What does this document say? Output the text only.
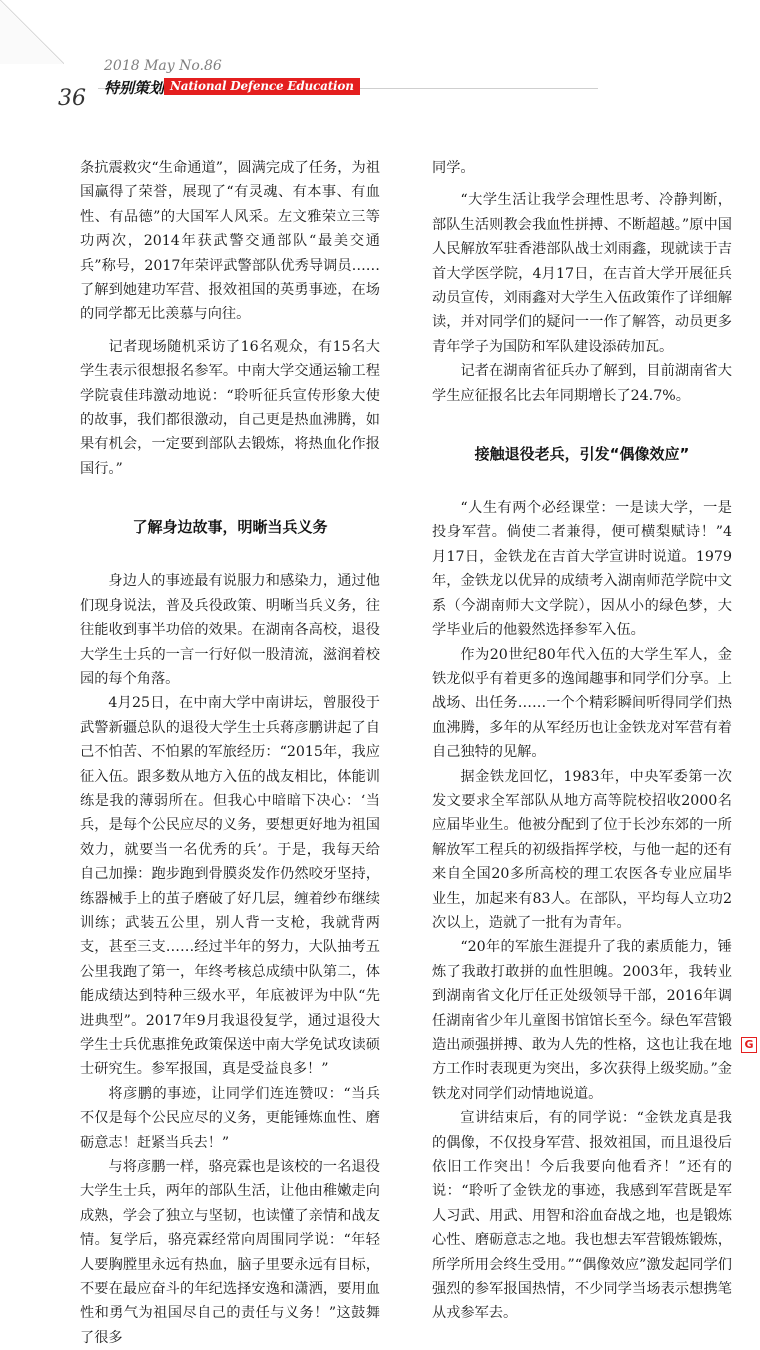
2018 May No.86
36 特别策划 National Defence Education

条抗震救灾“生命通道”，圆满完成了任务，为祖国赢得了荣誉，展现了“有灵魂、有本事、有血性、有品德”的大国军人风采。左文雅荣立三等功两次，2014年获武警交通部队“最美交通兵”称号，2017年荣评武警部队优秀导调员……了解到她建功军营、报效祖国的英勇事迹，在场的同学都无比羡慕与向往。

记者现场随机采访了16名观众，有15名大学生表示很想报名参军。中南大学交通运输工程学院袁佳玮激动地说：“聆听征兵宣传形象大使的故事，我们都很激动，自己更是热血沸腾，如果有机会，一定要到部队去锻炼，将热血化作报国行。”

了解身边故事，明晰当兵义务

身边人的事迹最有说服力和感染力，通过他们现身说法，普及兵役政策、明晰当兵义务，往往能收到事半功倍的效果。在湖南各高校，退役大学生士兵的一言一行好似一股清流，滋润着校园的每个角落。

4月25日，在中南大学中南讲坛，曾服役于武警新疆总队的退役大学生士兵蒋彦鹏讲起了自己不怕苦、不怕累的军旅经历：“2015年，我应征入伍。跟多数从地方入伍的战友相比，体能训练是我的薄弱所在。但我心中暗暗下决心：‘当兵，是每个公民应尽的义务，要想更好地为祖国效力，就要当一名优秀的兵’。于是，我每天给自己加操：跑步跑到骨膜炎发作仍然咬牙坚持，练器械手上的茧子磨破了好几层，缠着纱布继续训练；武装五公里，别人背一支枪，我就背两支，甚至三支……经过半年的努力，大队抽考五公里我跑了第一，年终考核总成绩中队第二，体能成绩达到特种三级水平，年底被评为中队“先进典型”。2017年9月我退役复学，通过退役大学生士兵优惠推免政策保送中南大学免试攻读硕士研究生。参军报国，真是受益良多！”

将彦鹏的事迹，让同学们连连赞叹：“当兵不仅是每个公民应尽的义务，更能锤炼血性、磨砺意志！赶紧当兵去！”

与将彦鹏一样，骆亮霖也是该校的一名退役大学生士兵，两年的部队生活，让他由稚嫩走向成熟，学会了独立与坚韧，也读懂了亲情和战友情。复学后，骆亮霖经常向周围同学说：“年轻人要胸膛里永远有热血，脑子里要永远有目标，不要在最应奋斗的年纪选择安逸和潇洒，要用血性和勇气为祖国尽自己的责任与义务！”这鼓舞了很多

同学。

“大学生活让我学会理性思考、冷静判断，部队生活则教会我血性拼搏、不断超越。”原中国人民解放军驻香港部队战士刘雨鑫，现就读于吉首大学医学院，4月17日，在吉首大学开展征兵动员宣传，刘雨鑫对大学生入伍政策作了详细解读，并对同学们的疑问一一作了解答，动员更多青年学子为国防和军队建设添砖加瓦。

记者在湖南省征兵办了解到，目前湖南省大学生应征报名比去年同期增长了24.7%。

接触退役老兵，引发“偶像效应”

“人生有两个必经课堂：一是读大学，一是投身军营。倘使二者兼得，便可横梨赋诗！”4月17日，金铁龙在吉首大学宣讲时说道。1979年，金铁龙以优异的成绩考入湖南师范学院中文系（今湖南师大文学院），因从小的绿色梦，大学毕业后的他毅然选择参军入伍。

作为20世纪80年代入伍的大学生军人，金铁龙似乎有着更多的逸闻趣事和同学们分享。上战场、出任务……一个个精彩瞬间听得同学们热血沸腾，多年的从军经历也让金铁龙对军营有着自己独特的见解。

据金铁龙回忆，1983年，中央军委第一次发文要求全军部队从地方高等院校招收2000名应届毕业生。他被分配到了位于长沙东郊的一所解放军工程兵的初级指挥学校，与他一起的还有来自全国20多所高校的理工农医各专业应届毕业生，加起来有83人。在部队，平均每人立功2次以上，造就了一批有为青年。

“20年的军旅生涯提升了我的素质能力，锤炼了我敢打敢拼的血性胆魄。2003年，我转业到湖南省文化厅任正处级领导干部，2016年调任湖南省少年儿童图书馆馆长至今。绿色军营锻造出顽强拼搏、敢为人先的性格，这也让我在地方工作时表现更为突出，多次获得上级奖励。”金铁龙对同学们动情地说道。

宣讲结束后，有的同学说：“金铁龙真是我的偶像，不仅投身军营、报效祖国，而且退役后依旧工作突出！今后我要向他看齐！”还有的说：“聆听了金铁龙的事迹，我感到军营既是军人习武、用武、用智和浴血奋战之地，也是锻炼心性、磨砺意志之地。我也想去军营锻炼锻炼，所学所用会终生受用。”“偶像效应”激发起同学们强烈的参军报国热情，不少同学当场表示想携笔从戎参军去。

G
